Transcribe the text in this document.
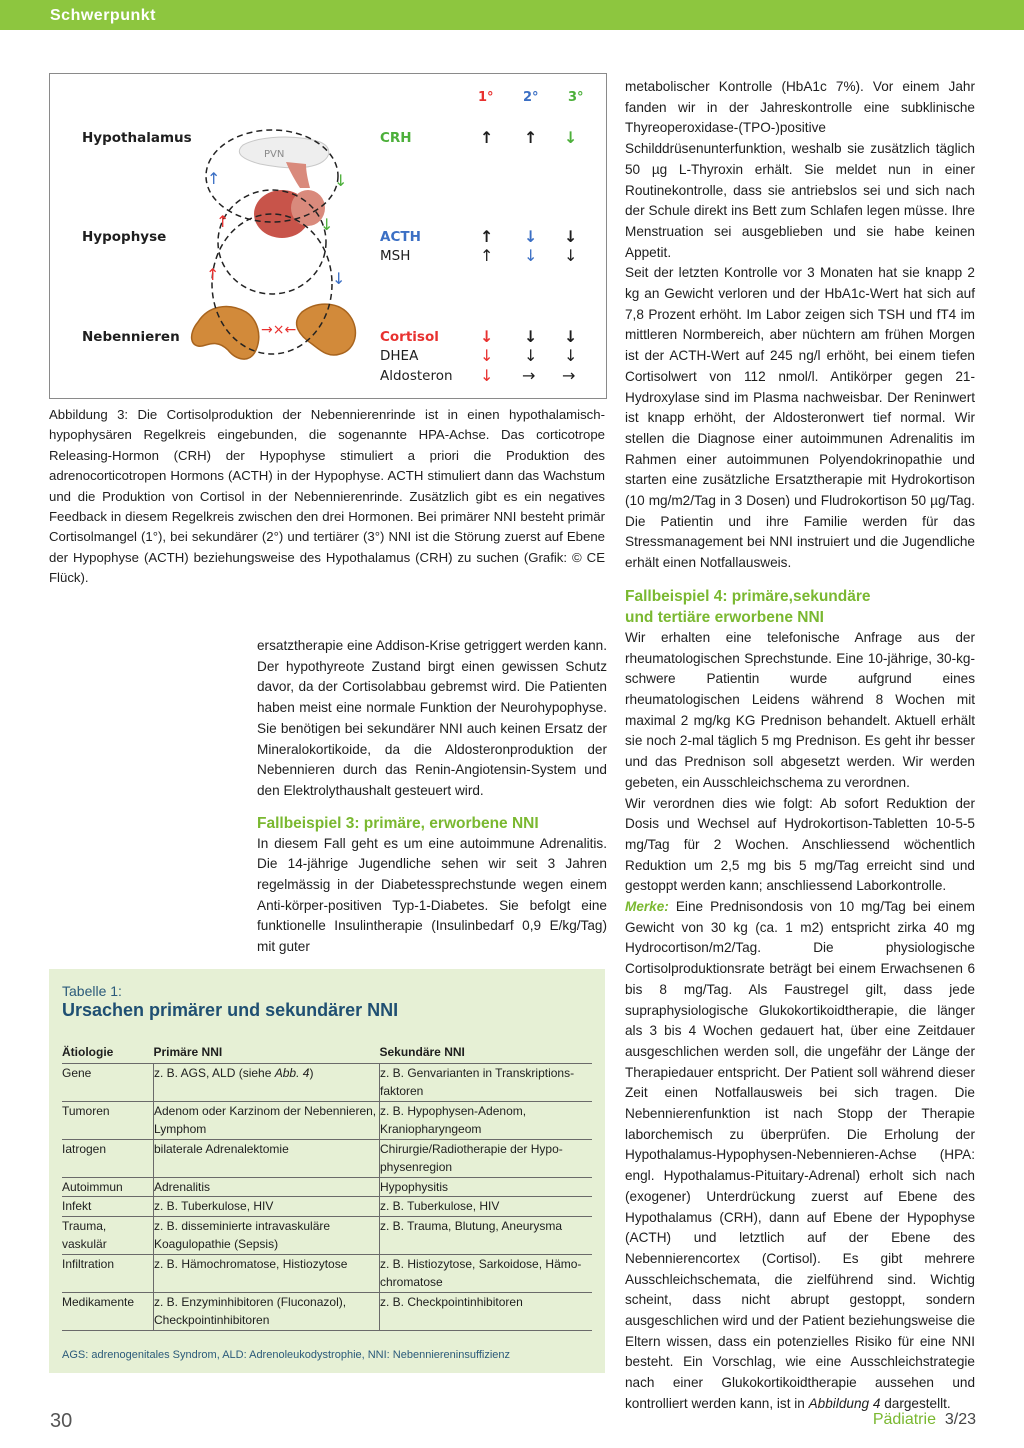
Schwerpunkt
↑	↓
↑	↓
↑	↓
→×←
PVN
1° 2° 3°
Hypothalamus	CRH	↑ ↑ ↓
Hypophyse	ACTH	↑ ↓ ↓
MSH	↑ ↓ ↓
Nebennieren	Cortisol	↓ ↓ ↓
DHEA	↓ ↓ ↓
Aldosteron ↓ → →
Abbildung 3: Die Cortisolproduktion der Nebennierenrinde ist in einen hypothalamisch-hypophysären Regelkreis eingebunden, die sogenannte HPA-Achse. Das corticotrope Releasing-Hormon (CRH) der Hypophyse stimuliert a priori die Produktion des adrenocorticotropen Hormons (ACTH) in der Hypophyse. ACTH stimuliert dann das Wachstum und die Produktion von Cortisol in der Nebennierenrinde. Zusätzlich gibt es ein negatives Feedback in diesem Regelkreis zwischen den drei Hormonen. Bei primärer NNI besteht primär Cortisolmangel (1°), bei sekundärer (2°) und tertiärer (3°) NNI ist die Störung zuerst auf Ebene der Hypophyse (ACTH) beziehungsweise des Hypothalamus (CRH) zu suchen (Grafik: © CE Flück).

ersatztherapie eine Addison-Krise getriggert werden kann. Der hypothyreote Zustand birgt einen gewissen Schutz davor, da der Cortisolabbau gebremst wird. Die Patienten haben meist eine normale Funktion der Neurohypophyse. Sie benötigen bei sekundärer NNI auch keinen Ersatz der Mineralokortikoide, da die Aldosteronproduktion der Nebennieren durch das Renin-Angiotensin-System und den Elektrolythaushalt gesteuert wird.

Fallbeispiel 3: primäre, erworbene NNI

In diesem Fall geht es um eine autoimmune Adrenalitis. Die 14-jährige Jugendliche sehen wir seit 3 Jahren regelmässig in der Diabetessprechstunde wegen einem Anti-körper-positiven Typ-1-Diabetes. Sie befolgt eine funktionelle Insulintherapie (Insulinbedarf 0,9 E/kg/Tag) mit guter

metabolischer Kontrolle (HbA1c 7%). Vor einem Jahr fanden wir in der Jahreskontrolle eine subklinische Thyreoperoxidase-(TPO-)positive Schilddrüsenunterfunktion, weshalb sie zusätzlich täglich 50 µg L-Thyroxin erhält. Sie meldet nun in einer Routinekontrolle, dass sie antriebslos sei und sich nach der Schule direkt ins Bett zum Schlafen legen müsse. Ihre Menstruation sei ausgeblieben und sie habe keinen Appetit.

Seit der letzten Kontrolle vor 3 Monaten hat sie knapp 2 kg an Gewicht verloren und der HbA1c-Wert hat sich auf 7,8 Prozent erhöht. Im Labor zeigen sich TSH und fT4 im mittleren Normbereich, aber nüchtern am frühen Morgen ist der ACTH-Wert auf 245 ng/l erhöht, bei einem tiefen Cortisolwert von 112 nmol/l. Antikörper gegen 21-Hydroxylase sind im Plasma nachweisbar. Der Reninwert ist knapp erhöht, der Aldosteronwert tief normal. Wir stellen die Diagnose einer autoimmunen Adrenalitis im Rahmen einer autoimmunen Polyendokrinopathie und starten eine zusätzliche Ersatztherapie mit Hydrokortison (10 mg/m2/Tag in 3 Dosen) und Fludrokortison 50 µg/Tag. Die Patientin und ihre Familie werden für das Stressmanagement bei NNI instruiert und die Jugendliche erhält einen Notfallausweis.

Fallbeispiel 4: primäre,sekundäre
und tertiäre erworbene NNI

Wir erhalten eine telefonische Anfrage aus der rheumatologischen Sprechstunde. Eine 10-jährige, 30-kg-schwere Patientin wurde aufgrund eines rheumatologischen Leidens während 8 Wochen mit maximal 2 mg/kg KG Prednison behandelt. Aktuell erhält sie noch 2-mal täglich 5 mg Prednison. Es geht ihr besser und das Prednison soll abgesetzt werden. Wir werden gebeten, ein Ausschleichschema zu verordnen.

Wir verordnen dies wie folgt: Ab sofort Reduktion der Dosis und Wechsel auf Hydrokortison-Tabletten 10-5-5 mg/Tag für 2 Wochen. Anschliessend wöchentlich Reduktion um 2,5 mg bis 5 mg/Tag erreicht sind und gestoppt werden kann; anschliessend Laborkontrolle.

Merke: Eine Prednisondosis von 10 mg/Tag bei einem Gewicht von 30 kg (ca. 1 m2) entspricht zirka 40 mg Hydrocortison/m2/Tag. Die physiologische Cortisolproduktionsrate beträgt bei einem Erwachsenen 6 bis 8 mg/Tag. Als Faustregel gilt, dass jede supraphysiologische Glukokortikoidtherapie, die länger als 3 bis 4 Wochen gedauert hat, über eine Zeitdauer ausgeschlichen werden soll, die ungefähr der Länge der Therapiedauer entspricht. Der Patient soll während dieser Zeit einen Notfallausweis bei sich tragen. Die Nebennierenfunktion ist nach Stopp der Therapie laborchemisch zu überprüfen. Die Erholung der Hypothalamus-Hypophysen-Nebennieren-Achse (HPA: engl. Hypothalamus-Pituitary-Adrenal) erholt sich nach (exogener) Unterdrückung zuerst auf Ebene des Hypothalamus (CRH), dann auf Ebene der Hypophyse (ACTH) und letztlich auf der Ebene des Nebennierencortex (Cortisol). Es gibt mehrere Ausschleichschemata, die zielführend sind. Wichtig scheint, dass nicht abrupt gestoppt, sondern ausgeschlichen wird und der Patient beziehungsweise die Eltern wissen, dass ein potenzielles Risiko für eine NNI besteht. Ein Vorschlag, wie eine Ausschleichstrategie nach einer Glukokortikoidtherapie aussehen und kontrolliert werden kann, ist in Abbildung 4 dargestellt.

Tabelle 1:
Ursachen primärer und sekundärer NNI
Ätiologie	Primäre NNI	Sekundäre NNI
Gene	z. B. AGS, ALD (siehe Abb. 4)	z. B. Genvarianten in Transkriptions-faktoren
Tumoren	Adenom oder Karzinom der Nebennieren, Lymphom	z. B. Hypophysen-Adenom, Kraniopharyngeom
Iatrogen	bilaterale Adrenalektomie	Chirurgie/Radiotherapie der Hypo-physenregion
Autoimmun	Adrenalitis	Hypophysitis
Infekt	z. B. Tuberkulose, HIV	z. B. Tuberkulose, HIV
Trauma, vaskulär	z. B. disseminierte intravaskuläre Koagulopathie (Sepsis)	z. B. Trauma, Blutung, Aneurysma
Infiltration	z. B. Hämochromatose, Histiozytose	z. B. Histiozytose, Sarkoidose, Hämo-chromatose
Medikamente	z. B. Enzyminhibitoren (Fluconazol), Checkpointinhibitoren	z. B. Checkpointinhibitoren
AGS: adrenogenitales Syndrom, ALD: Adrenoleukodystrophie, NNI: Nebenniereninsuffizienz
30	Pädiatrie 3/23
